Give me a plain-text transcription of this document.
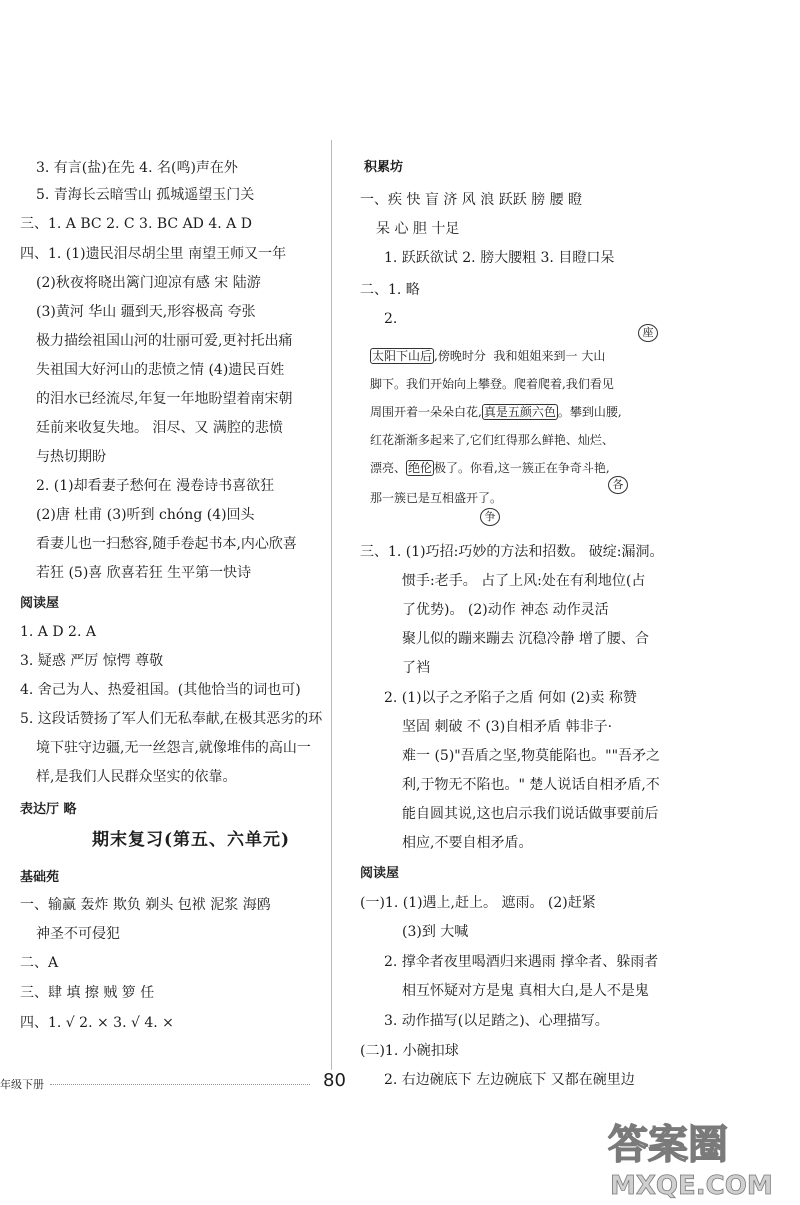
3. 有言(盐)在先 4. 名(鸣)声在外
5. 青海长云暗雪山 孤城遥望玉门关
三、1. A BC 2. C 3. BC AD 4. A D
四、1. (1)遗民泪尽胡尘里 南望王师又一年
(2)秋夜将晓出篱门迎凉有感 宋 陆游
(3)黄河 华山 疆到天,形容极高 夸张
极力描绘祖国山河的壮丽可爱,更衬托出痛
失祖国大好河山的悲愤之情 (4)遗民百姓
的泪水已经流尽,年复一年地盼望着南宋朝
廷前来收复失地。 泪尽、又 满腔的悲愤
与热切期盼
2. (1)却看妻子愁何在 漫卷诗书喜欲狂
(2)唐 杜甫 (3)听到 chóng (4)回头
看妻儿也一扫愁容,随手卷起书本,内心欣喜
若狂 (5)喜 欣喜若狂 生平第一快诗
阅读屋
1. A D 2. A
3. 疑惑 严厉 惊愕 尊敬
4. 舍己为人、热爱祖国。(其他恰当的词也可)
5. 这段话赞扬了军人们无私奉献,在极其恶劣的环
境下驻守边疆,无一丝怨言,就像堆伟的高山一
样,是我们人民群众坚实的依靠。
表达厅 略
期末复习(第五、六单元)
基础苑
一、输赢 轰炸 欺负 剃头 包袱 泥浆 海鸥
神圣不可侵犯
二、A
三、肆 填 擦 贼 箩 任
四、1. √ 2. × 3. √ 4. ×
积累坊
一、疾 快 盲 济 风 浪 跃跃 膀 腰 瞪
呆 心 胆 十足
1. 跃跃欲试 2. 膀大腰粗 3. 目瞪口呆
二、1. 略
2.
太阳下山后 ,傍晚时分 我和姐姐来到一 大山
脚下。我们开始向上攀登。爬着爬着,我们看见
周围开着一朵朵白花, 真是五颜六色 。攀到山腰,
红花渐渐多起来了,它们红得那么鲜艳、灿烂、
漂亮、 绝伦 极了。你看,这一簇正在争奇斗艳,
那一簇已是互相盛开了。
座
各
争
三、1. (1)巧招:巧妙的方法和招数。 破绽:漏洞。
惯手:老手。 占了上风:处在有利地位(占
了优势)。 (2)动作 神态 动作灵活
聚儿似的蹦来蹦去 沉稳冷静 增了腰、合
了裆
2. (1)以子之矛陷子之盾 何如 (2)卖 称赞
坚固 刺破 不 (3)自相矛盾 韩非子·
难一 (5)"吾盾之坚,物莫能陷也。""吾矛之
利,于物无不陷也。" 楚人说话自相矛盾,不
能自圆其说,这也启示我们说话做事要前后
相应,不要自相矛盾。
阅读屋
(一)1. (1)遇上,赶上。 遮雨。 (2)赶紧
(3)到 大喊
2. 撑伞者夜里喝酒归来遇雨 撑伞者、躲雨者
相互怀疑对方是鬼 真相大白,是人不是鬼
3. 动作描写(以足踏之)、心理描写。
(二)1. 小碗扣球
2. 右边碗底下 左边碗底下 又都在碗里边
年级下册	80
答案圈
MXQE.COM
